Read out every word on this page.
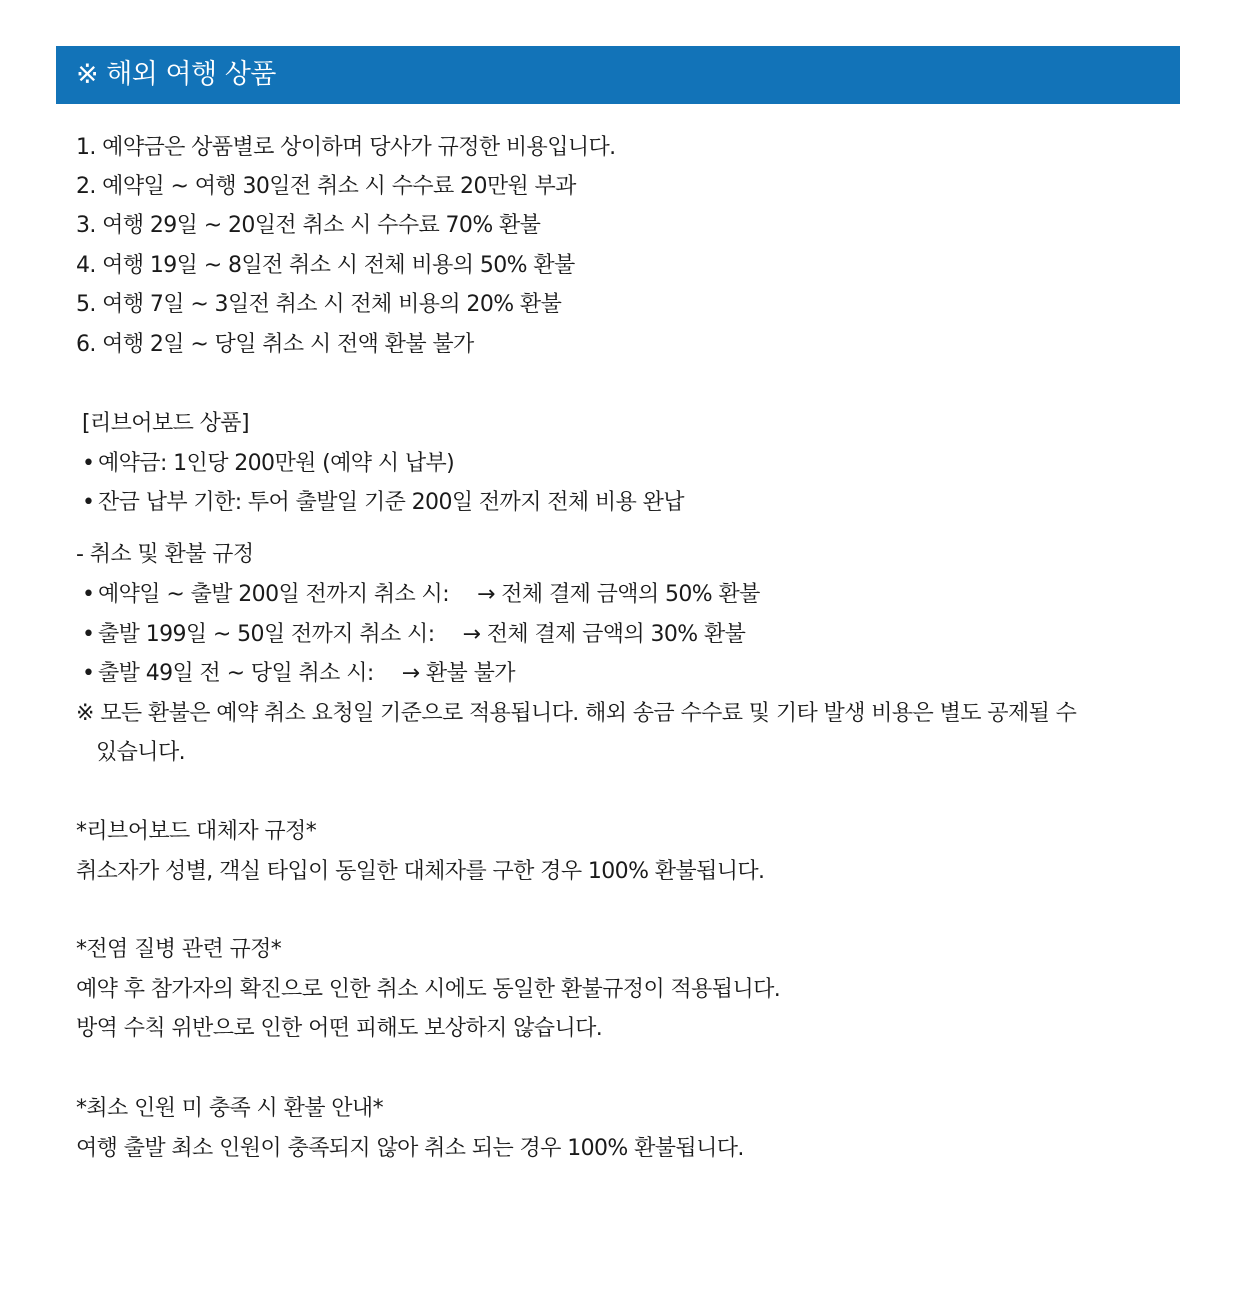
※ 해외 여행 상품
1. 예약금은 상품별로 상이하며 당사가 규정한 비용입니다.
2. 예약일 ~ 여행 30일전 취소 시 수수료 20만원 부과
3. 여행 29일 ~ 20일전 취소 시 수수료 70% 환불
4. 여행 19일 ~ 8일전 취소 시 전체 비용의 50% 환불
5. 여행 7일 ~ 3일전 취소 시 전체 비용의 20% 환불
6. 여행 2일 ~ 당일 취소 시 전액 환불 불가
[리브어보드 상품]
• 예약금: 1인당 200만원 (예약 시 납부)
• 잔금 납부 기한: 투어 출발일 기준 200일 전까지 전체 비용 완납
- 취소 및 환불 규정
• 예약일 ~ 출발 200일 전까지 취소 시: → 전체 결제 금액의 50% 환불
• 출발 199일 ~ 50일 전까지 취소 시: → 전체 결제 금액의 30% 환불
• 출발 49일 전 ~ 당일 취소 시: → 환불 불가
※ 모든 환불은 예약 취소 요청일 기준으로 적용됩니다. 해외 송금 수수료 및 기타 발생 비용은 별도 공제될 수
있습니다.
*리브어보드 대체자 규정*
취소자가 성별, 객실 타입이 동일한 대체자를 구한 경우 100% 환불됩니다.
*전염 질병 관련 규정*
예약 후 참가자의 확진으로 인한 취소 시에도 동일한 환불규정이 적용됩니다.
방역 수칙 위반으로 인한 어떤 피해도 보상하지 않습니다.
*최소 인원 미 충족 시 환불 안내*
여행 출발 최소 인원이 충족되지 않아 취소 되는 경우 100% 환불됩니다.
